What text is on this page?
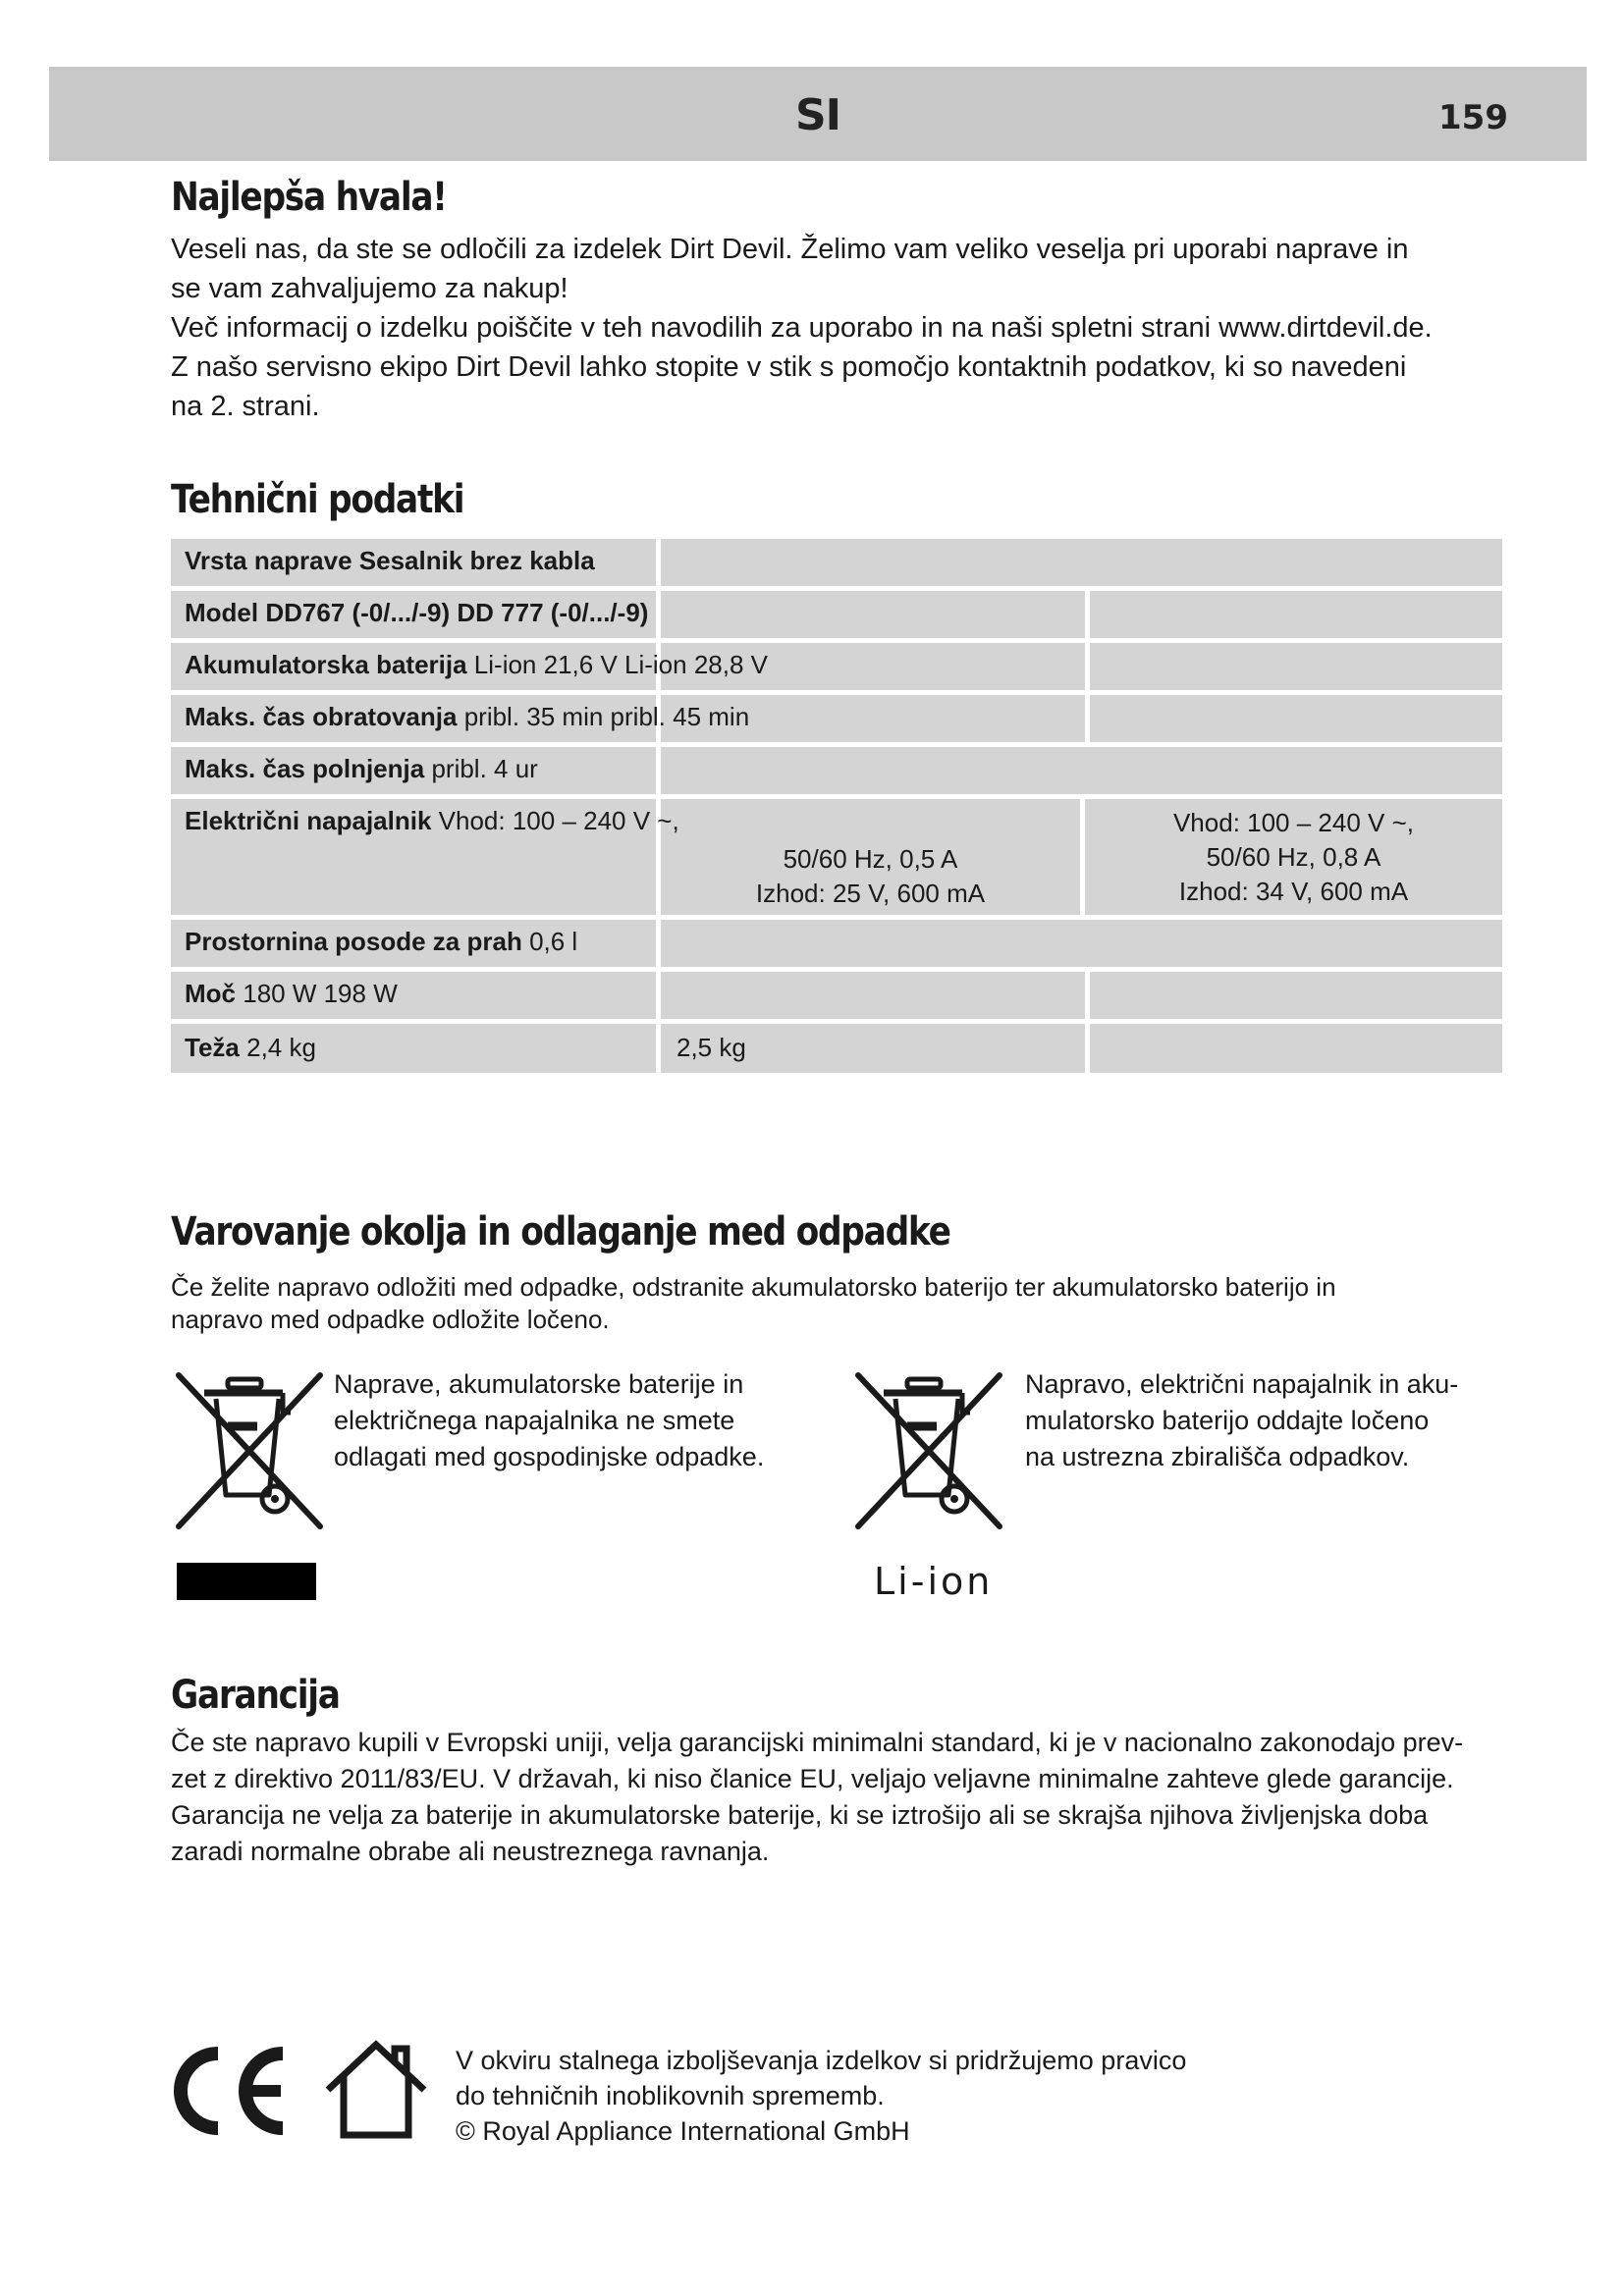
SI	159
Najlepša hvala!

Veseli nas, da ste se odločili za izdelek Dirt Devil. Želimo vam veliko veselja pri uporabi naprave in

se vam zahvaljujemo za nakup!

Več informacij o izdelku poiščite v teh navodilih za uporabo in na naši spletni strani www.dirtdevil.de.

Z našo servisno ekipo Dirt Devil lahko stopite v stik s pomočjo kontaktnih podatkov, ki so navedeni

na 2. strani.

Tehnični podatki
Vrsta naprave Sesalnik brez kabla
Model DD767 (-0/.../-9) DD 777 (-0/.../-9)
Akumulatorska baterija Li-ion 21,6 V Li-ion 28,8 V
Maks. čas obratovanja pribl. 35 min pribl. 45 min
Maks. čas polnjenja pribl. 4 ur
Električni napajalnik Vhod: 100 – 240 V ~,

50/60 Hz, 0,5 A

Izhod: 25 V, 600 mA

Vhod: 100 – 240 V ~,

50/60 Hz, 0,8 A

Izhod: 34 V, 600 mA

Prostornina posode za prah 0,6 l
Moč 180 W 198 W
Teža 2,4 kg	2,5 kg
Varovanje okolja in odlaganje med odpadke

Če želite napravo odložiti med odpadke, odstranite akumulatorsko baterijo ter akumulatorsko baterijo in

napravo med odpadke odložite ločeno.

Naprave, akumulatorske baterije in

električnega napajalnika ne smete

odlagati med gospodinjske odpadke.

Napravo, električni napajalnik in aku-

mulatorsko baterijo oddajte ločeno

na ustrezna zbirališča odpadkov.

Li-ion
Garancija

Če ste napravo kupili v Evropski uniji, velja garancijski minimalni standard, ki je v nacionalno zakonodajo prev-

zet z direktivo 2011/83/EU. V državah, ki niso članice EU, veljajo veljavne minimalne zahteve glede garancije.

Garancija ne velja za baterije in akumulatorske baterije, ki se iztrošijo ali se skrajša njihova življenjska doba

zaradi normalne obrabe ali neustreznega ravnanja.

V okviru stalnega izboljševanja izdelkov si pridržujemo pravico

do tehničnih inoblikovnih sprememb.

© Royal Appliance International GmbH
